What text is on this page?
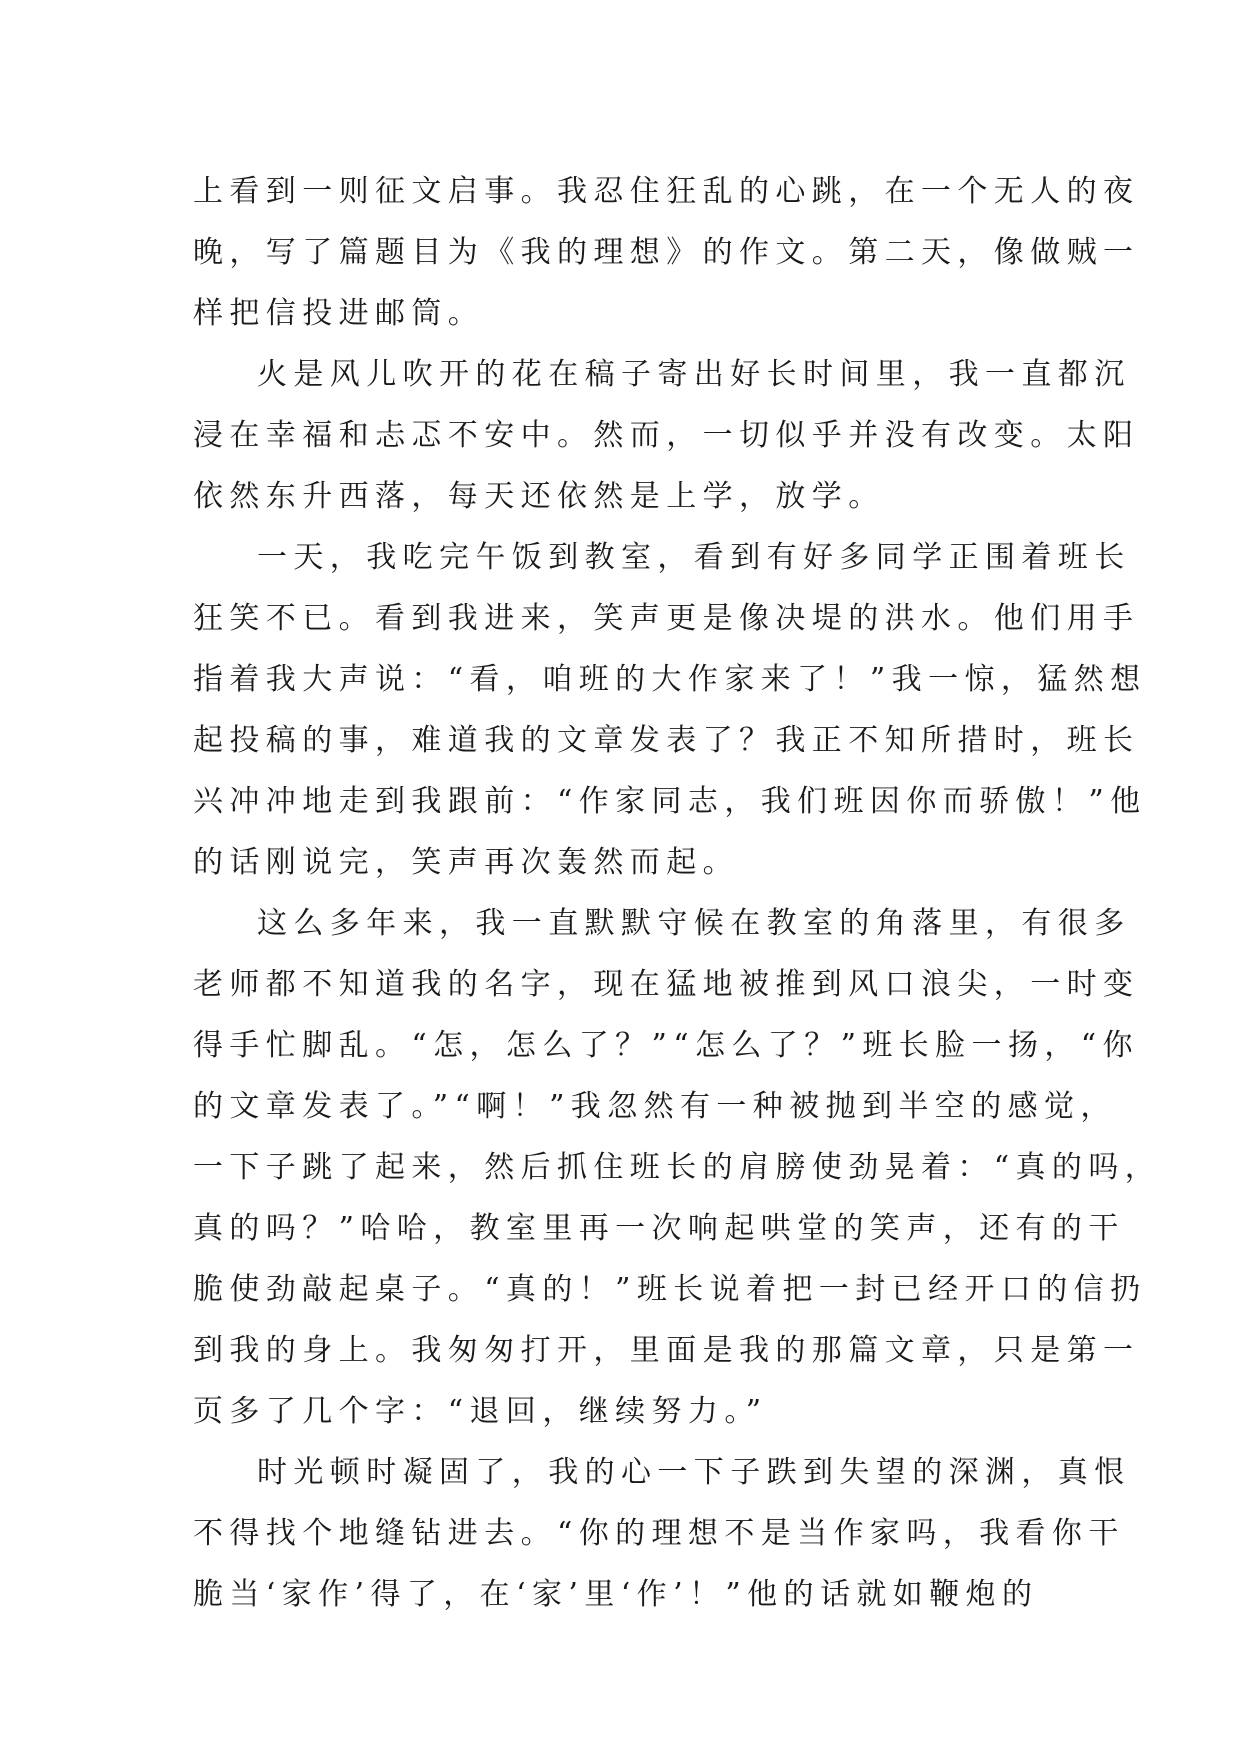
上看到一则征文启事。我忍住狂乱的心跳，在一个无人的夜
晚，写了篇题目为《我的理想》的作文。第二天，像做贼一
样把信投进邮筒。
火是风儿吹开的花在稿子寄出好长时间里，我一直都沉
浸在幸福和忐忑不安中。然而，一切似乎并没有改变。太阳
依然东升西落，每天还依然是上学，放学。
一天，我吃完午饭到教室，看到有好多同学正围着班长
狂笑不已。看到我进来，笑声更是像决堤的洪水。他们用手
指着我大声说：“看，咱班的大作家来了！”我一惊，猛然想
起投稿的事，难道我的文章发表了？我正不知所措时，班长
兴冲冲地走到我跟前：“作家同志，我们班因你而骄傲！”他
的话刚说完，笑声再次轰然而起。
这么多年来，我一直默默守候在教室的角落里，有很多
老师都不知道我的名字，现在猛地被推到风口浪尖，一时变
得手忙脚乱。“怎，怎么了？”“怎么了？”班长脸一扬，“你
的文章发表了。”“啊！”我忽然有一种被抛到半空的感觉，
一下子跳了起来，然后抓住班长的肩膀使劲晃着：“真的吗，
真的吗？”哈哈，教室里再一次响起哄堂的笑声，还有的干
脆使劲敲起桌子。“真的！”班长说着把一封已经开口的信扔
到我的身上。我匆匆打开，里面是我的那篇文章，只是第一
页多了几个字：“退回，继续努力。”
时光顿时凝固了，我的心一下子跌到失望的深渊，真恨
不得找个地缝钻进去。“你的理想不是当作家吗，我看你干
脆当‘家作’得了，在‘家’里‘作’！”他的话就如鞭炮的
